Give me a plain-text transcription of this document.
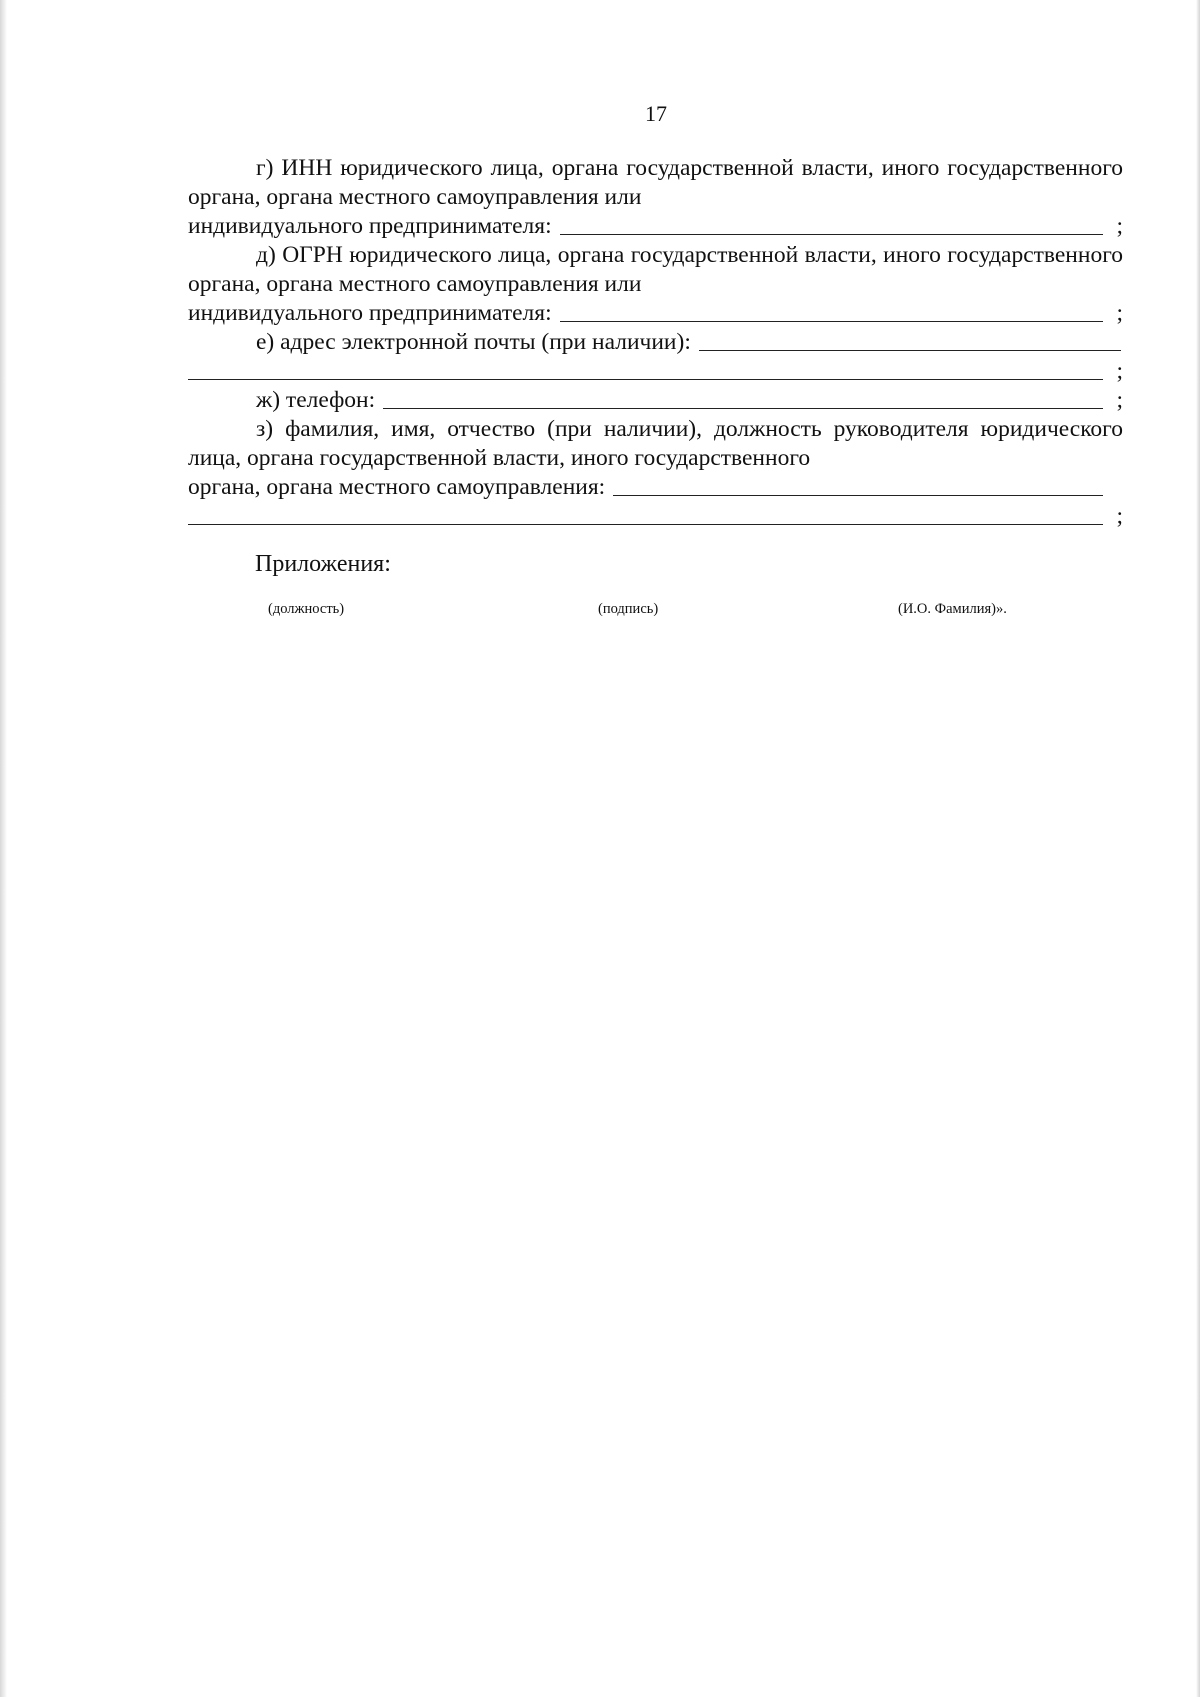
17

г) ИНН юридического лица, органа государственной власти, иного государственного органа, органа местного самоуправления или

индивидуального предпринимателя:	;

д) ОГРН юридического лица, органа государственной власти, иного государственного органа, органа местного самоуправления или

индивидуального предпринимателя:	;
е) адрес электронной почты (при наличии):
;
ж) телефон:	;

з) фамилия, имя, отчество (при наличии), должность руководителя юридического лица, органа государственной власти, иного государственного

органа, органа местного самоуправления:
;
Приложения:
(должность)	(подпись)	(И.О. Фамилия)».
